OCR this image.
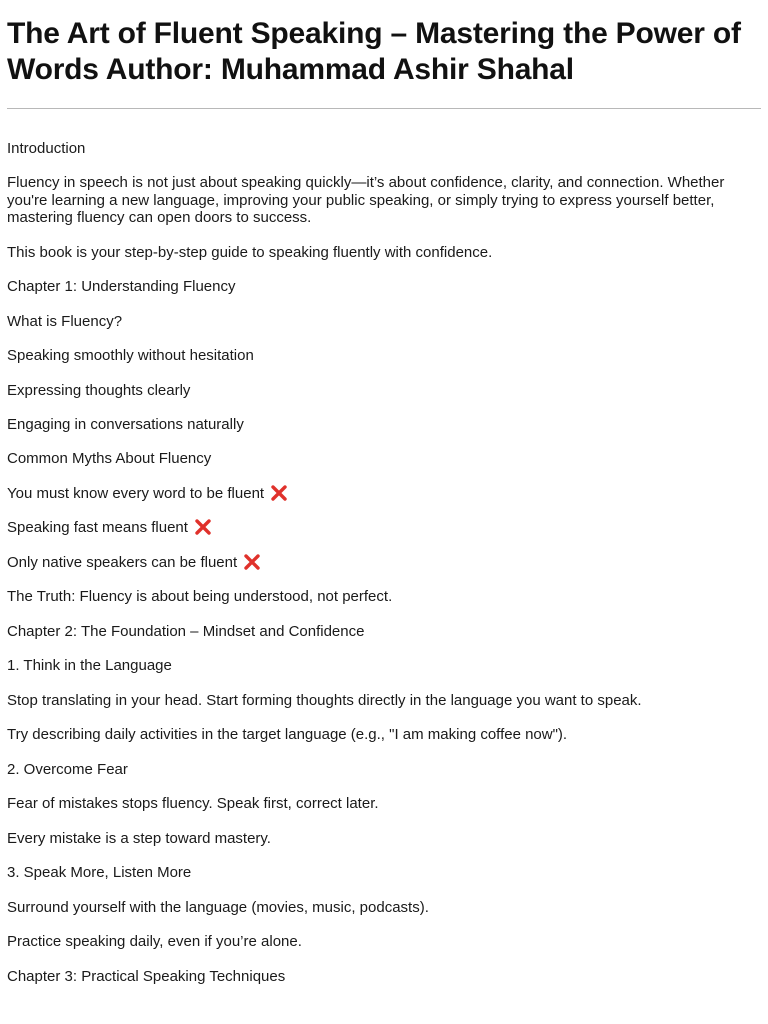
The Art of Fluent Speaking – Mastering the Power of Words Author: Muhammad Ashir Shahal

Introduction

Fluency in speech is not just about speaking quickly—it’s about confidence, clarity, and connection. Whether you're learning a new language, improving your public speaking, or simply trying to express yourself better, mastering fluency can open doors to success.

This book is your step-by-step guide to speaking fluently with confidence.

Chapter 1: Understanding Fluency

What is Fluency?

Speaking smoothly without hesitation

Expressing thoughts clearly

Engaging in conversations naturally

Common Myths About Fluency

You must know every word to be fluent

Speaking fast means fluent

Only native speakers can be fluent

The Truth: Fluency is about being understood, not perfect.

Chapter 2: The Foundation – Mindset and Confidence

1. Think in the Language

Stop translating in your head. Start forming thoughts directly in the language you want to speak.

Try describing daily activities in the target language (e.g., "I am making coffee now").

2. Overcome Fear

Fear of mistakes stops fluency. Speak first, correct later.

Every mistake is a step toward mastery.

3. Speak More, Listen More

Surround yourself with the language (movies, music, podcasts).

Practice speaking daily, even if you’re alone.

Chapter 3: Practical Speaking Techniques
